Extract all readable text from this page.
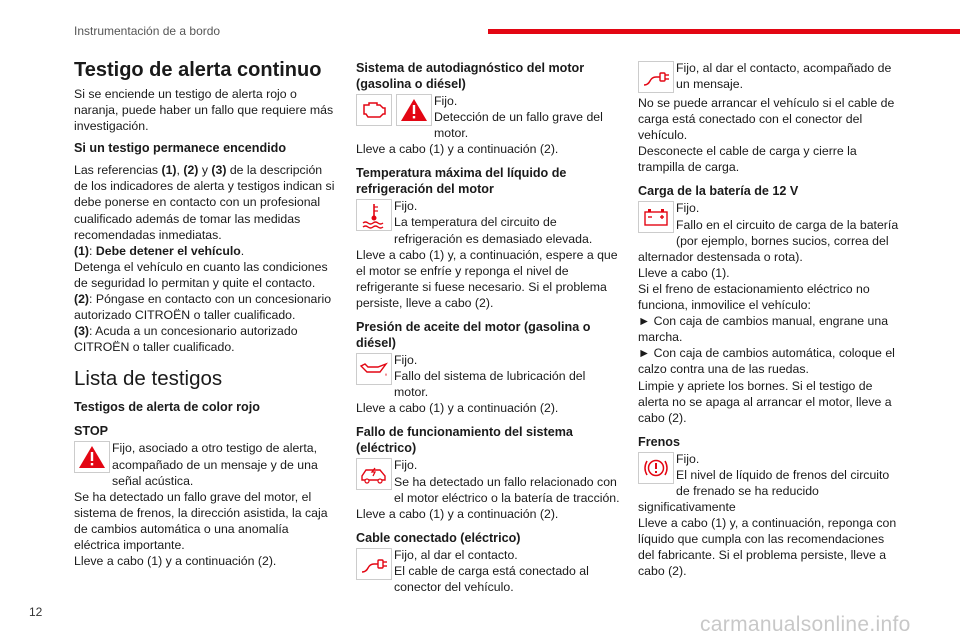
Instrumentación de a bordo
Testigo de alerta continuo
Si se enciende un testigo de alerta rojo o naranja, puede haber un fallo que requiere más investigación.
Si un testigo permanece encendido
Las referencias (1), (2) y (3) de la descripción de los indicadores de alerta y testigos indican si debe ponerse en contacto con un profesional cualificado además de tomar las medidas recomendadas inmediatas.
(1): Debe detener el vehículo.
Detenga el vehículo en cuanto las condiciones de seguridad lo permitan y quite el contacto.
(2): Póngase en contacto con un concesionario autorizado CITROËN o taller cualificado.
(3): Acuda a un concesionario autorizado CITROËN o taller cualificado.
Lista de testigos
Testigos de alerta de color rojo
STOP
Fijo, asociado a otro testigo de alerta, acompañado de un mensaje y de una señal acústica.
Se ha detectado un fallo grave del motor, el sistema de frenos, la dirección asistida, la caja de cambios automática o una anomalía eléctrica importante.
Lleve a cabo (1) y a continuación (2).
Sistema de autodiagnóstico del motor (gasolina o diésel)
Fijo.
Detección de un fallo grave del motor.
Lleve a cabo (1) y a continuación (2).
Temperatura máxima del líquido de refrigeración del motor
Fijo.
La temperatura del circuito de refrigeración es demasiado elevada.
Lleve a cabo (1) y, a continuación, espere a que el motor se enfríe y reponga el nivel de refrigerante si fuese necesario. Si el problema persiste, lleve a cabo (2).
Presión de aceite del motor (gasolina o diésel)
Fijo.
Fallo del sistema de lubricación del motor.
Lleve a cabo (1) y a continuación (2).
Fallo de funcionamiento del sistema (eléctrico)
Fijo.
Se ha detectado un fallo relacionado con el motor eléctrico o la batería de tracción.
Lleve a cabo (1) y a continuación (2).
Cable conectado (eléctrico)
Fijo, al dar el contacto.
El cable de carga está conectado al conector del vehículo.
Fijo, al dar el contacto, acompañado de un mensaje.
No se puede arrancar el vehículo si el cable de carga está conectado con el conector del vehículo.
Desconecte el cable de carga y cierre la trampilla de carga.
Carga de la batería de 12 V
Fijo.
Fallo en el circuito de carga de la batería (por ejemplo, bornes sucios, correa del alternador destensada o rota).
Lleve a cabo (1).
Si el freno de estacionamiento eléctrico no funciona, inmovilice el vehículo:
► Con caja de cambios manual, engrane una marcha.
► Con caja de cambios automática, coloque el calzo contra una de las ruedas.
Limpie y apriete los bornes. Si el testigo de alerta no se apaga al arrancar el motor, lleve a cabo (2).
Frenos
Fijo.
El nivel de líquido de frenos del circuito de frenado se ha reducido significativamente
Lleve a cabo (1) y, a continuación, reponga con líquido que cumpla con las recomendaciones del fabricante. Si el problema persiste, lleve a cabo (2).
12
carmanualsonline.info
